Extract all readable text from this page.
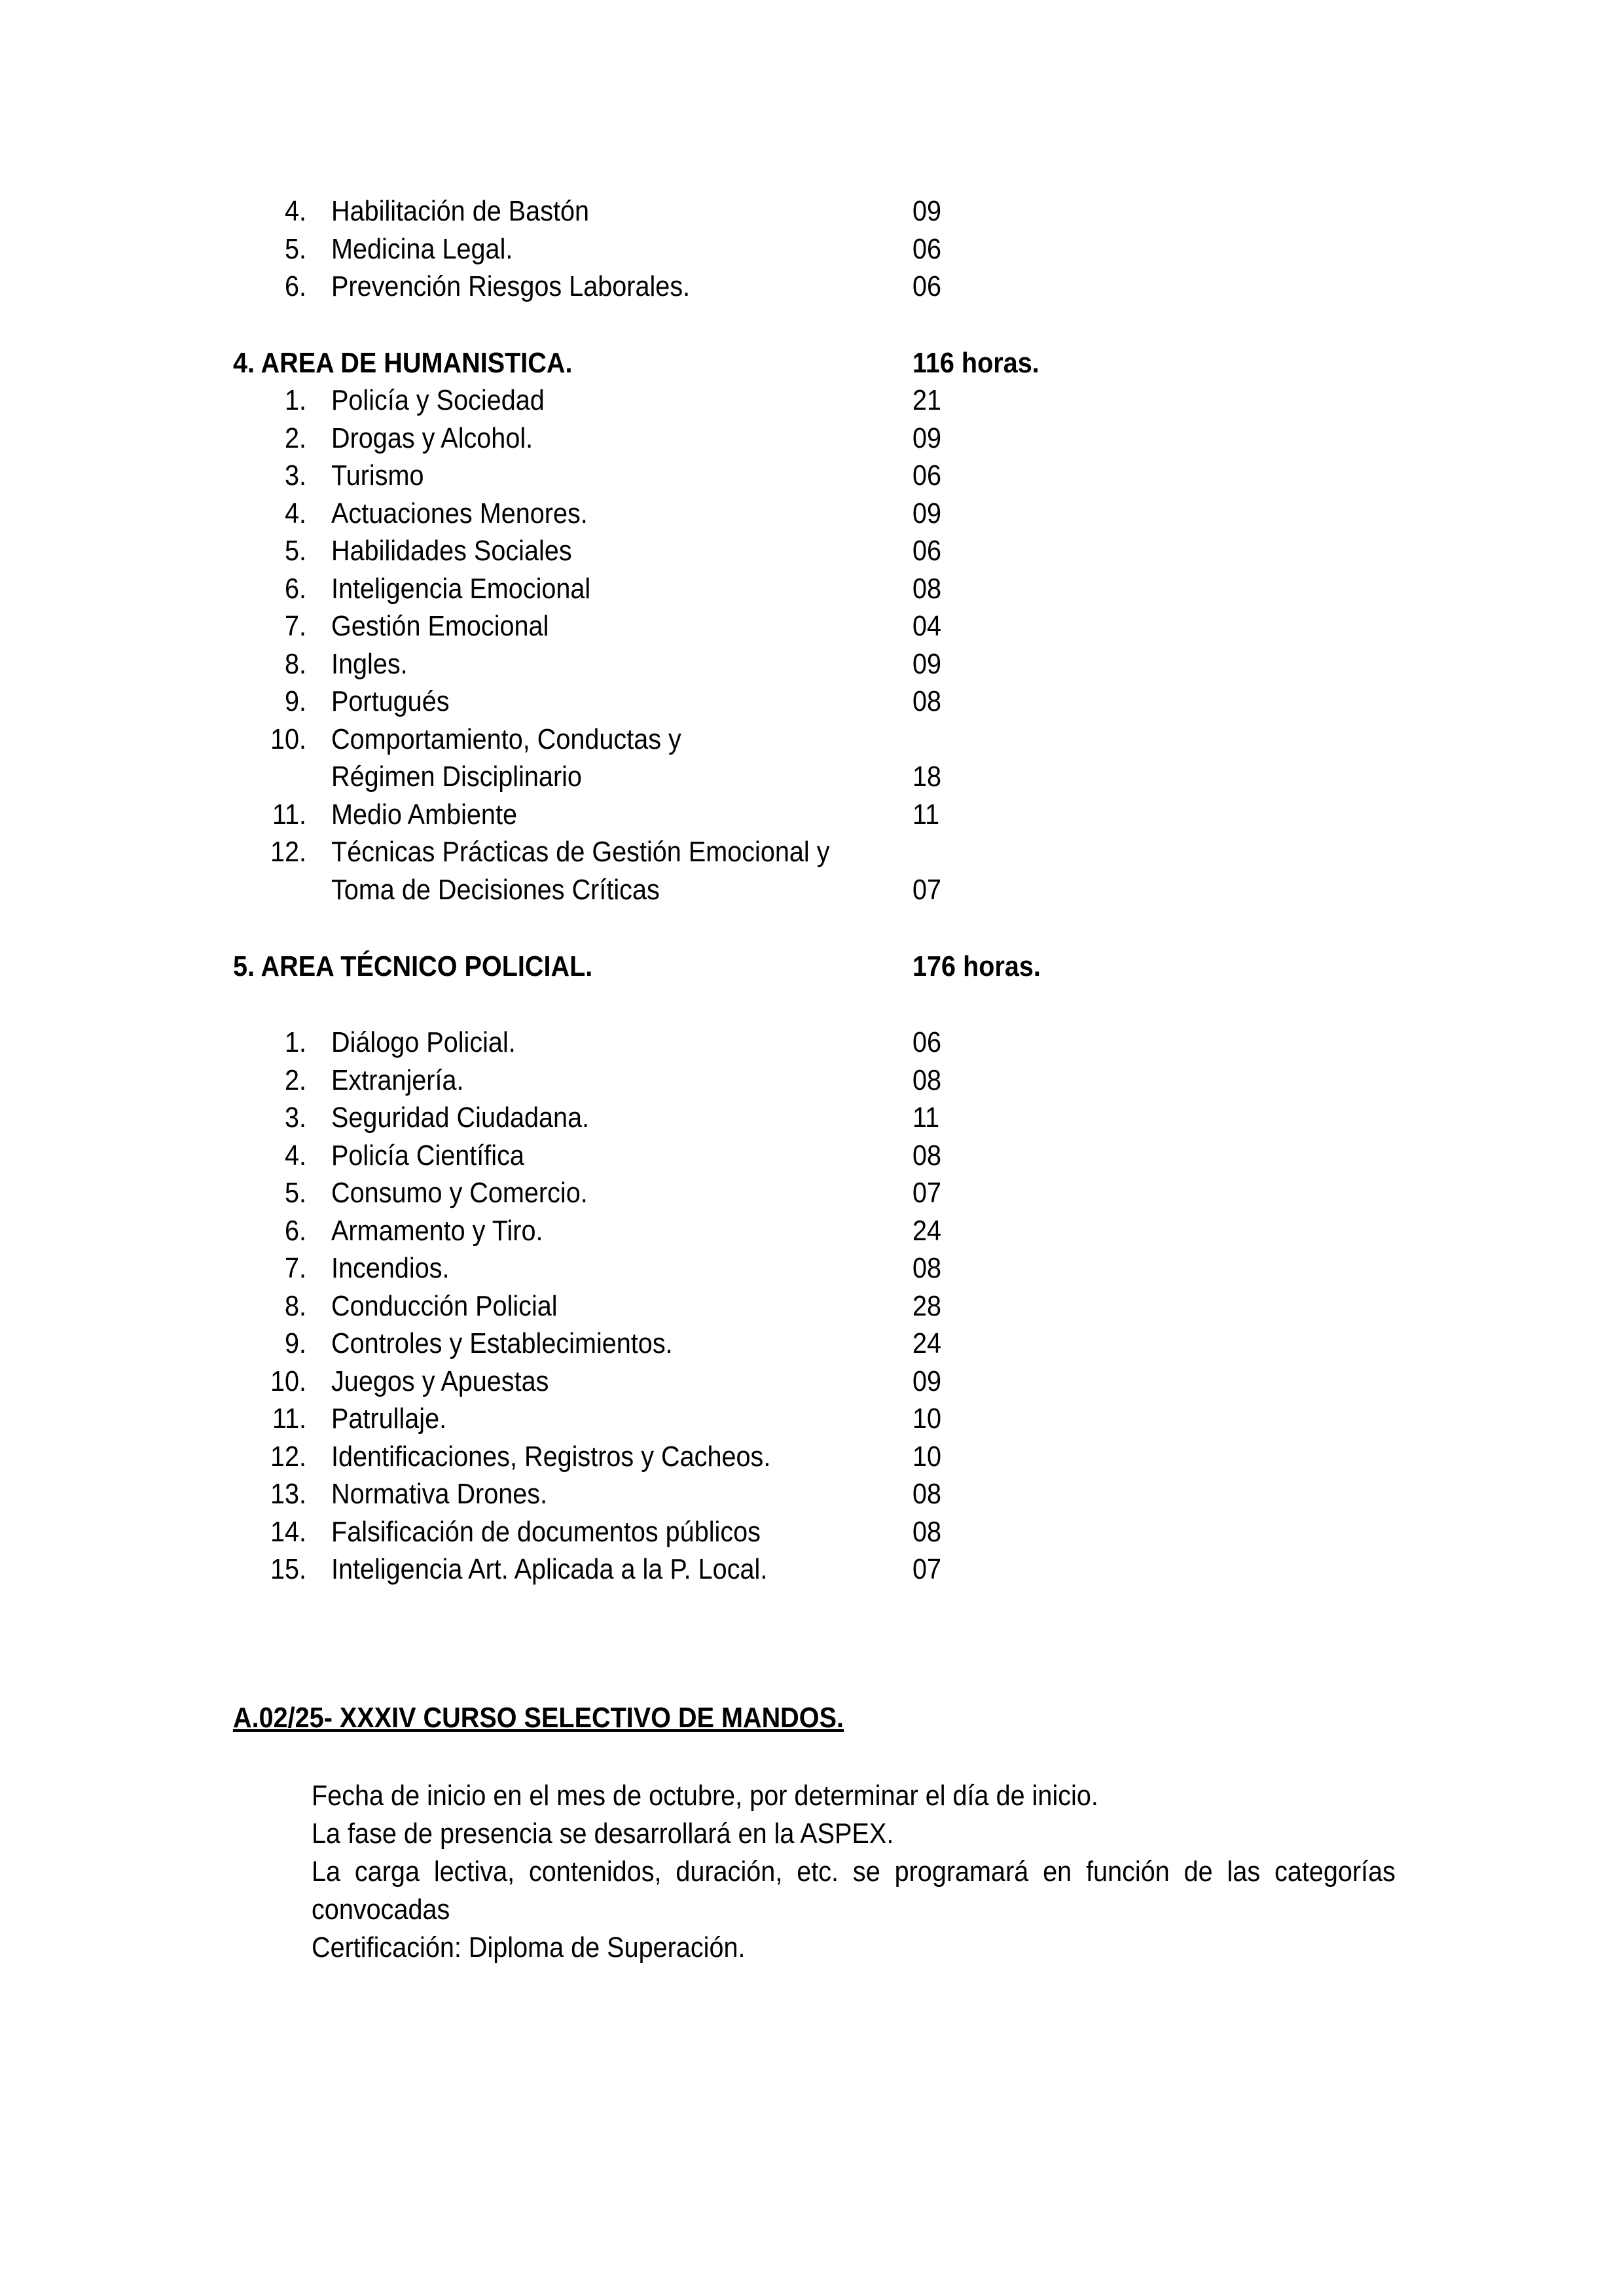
4. Habilitación de Bastón	09
5. Medicina Legal.	06
6. Prevención Riesgos Laborales.	06
4. AREA DE HUMANISTICA.	116 horas.
1. Policía y Sociedad	21
2. Drogas y Alcohol.	09
3. Turismo	06
4. Actuaciones Menores.	09
5. Habilidades Sociales	06
6. Inteligencia Emocional	08
7. Gestión Emocional	04
8. Ingles.	09
9. Portugués	08
10. Comportamiento, Conductas y
Régimen Disciplinario	18
11. Medio Ambiente	11
12. Técnicas Prácticas de Gestión Emocional y
Toma de Decisiones Críticas	07
5. AREA TÉCNICO POLICIAL.	176 horas.
1. Diálogo Policial.	06
2. Extranjería.	08
3. Seguridad Ciudadana.	11
4. Policía Científica	08
5. Consumo y Comercio.	07
6. Armamento y Tiro.	24
7. Incendios.	08
8. Conducción Policial	28
9. Controles y Establecimientos.	24
10. Juegos y Apuestas	09
11. Patrullaje.	10
12. Identificaciones, Registros y Cacheos.	10
13. Normativa Drones.	08
14. Falsificación de documentos públicos	08
15. Inteligencia Art. Aplicada a la P. Local.	07
A.02/25- XXXIV CURSO SELECTIVO DE MANDOS.
Fecha de inicio en el mes de octubre, por determinar el día de inicio.
La fase de presencia se desarrollará en la ASPEX.
La carga lectiva, contenidos, duración, etc. se programará en función de las categorías
convocadas
Certificación: Diploma de Superación.
